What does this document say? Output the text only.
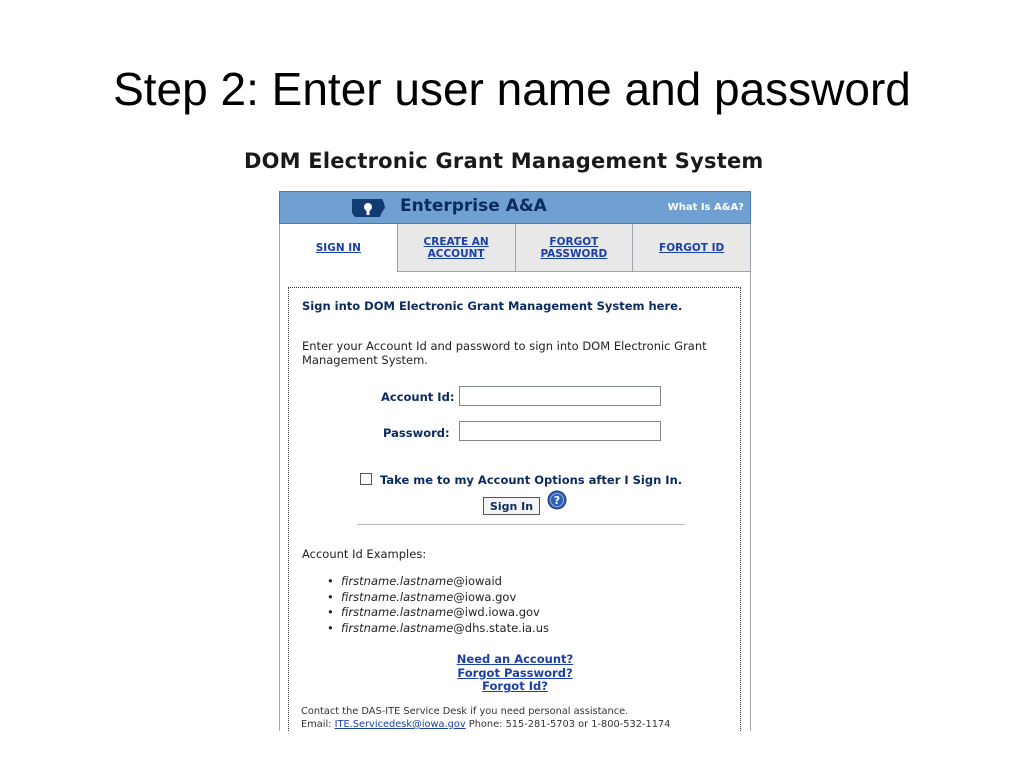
Step 2: Enter user name and password
DOM Electronic Grant Management System
Enterprise A&A	What Is A&A?
SIGN IN	CREATE AN ACCOUNT
FORGOT PASSWORD	FORGOT ID
Sign into DOM Electronic Grant Management System here.
Enter your Account Id and password to sign into DOM Electronic Grant Management System.
Account Id:
Password:
Take me to my Account Options after I Sign In.
Sign In	?
Account Id Examples:
• firstname.lastname@iowaid
• firstname.lastname@iowa.gov
• firstname.lastname@iwd.iowa.gov
• firstname.lastname@dhs.state.ia.us
Need an Account?
Forgot Password?
Forgot Id?
Contact the DAS-ITE Service Desk if you need personal assistance.
Email: ITE.Servicedesk@iowa.gov Phone: 515-281-5703 or 1-800-532-1174
